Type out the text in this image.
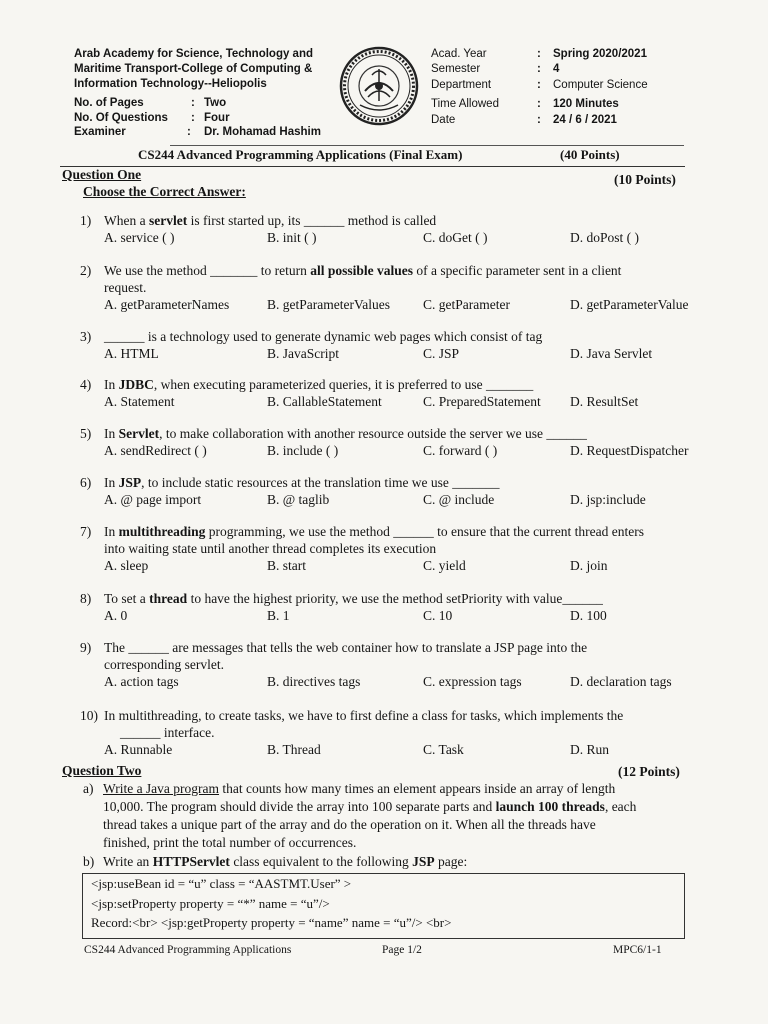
Arab Academy for Science, Technology and
Maritime Transport-College of Computing &
Information Technology--Heliopolis
No. of Pages	: Two
No. Of Questions : Four
Examiner	: Dr. Mohamad Hashim
Acad. Year	: Spring 2020/2021
Semester	: 4
Department	: Computer Science
Time Allowed	: 120 Minutes
Date	: 24 / 6 / 2021
CS244 Advanced Programming Applications (Final Exam)	(40 Points)
Question One	(10 Points)
Choose the Correct Answer:
1) When a servlet is first started up, its ______ method is called
A. service ( )	B. init ( )	C. doGet ( )	D. doPost ( )
2) We use the method _______ to return all possible values of a specific parameter sent in a client
request.
A. getParameterNames	B. getParameterValues C. getParameter	D. getParameterValue
3) ______ is a technology used to generate dynamic web pages which consist of tag
A. HTML	B. JavaScript	C. JSP	D. Java Servlet
4) In JDBC, when executing parameterized queries, it is preferred to use _______
A. Statement	B. CallableStatement	C. PreparedStatement D. ResultSet
5) In Servlet, to make collaboration with another resource outside the server we use ______
A. sendRedirect ( )	B. include ( )	C. forward ( )	D. RequestDispatcher
6) In JSP, to include static resources at the translation time we use _______
A. @ page import	B. @ taglib	C. @ include	D. jsp:include
7) In multithreading programming, we use the method ______ to ensure that the current thread enters
into waiting state until another thread completes its execution
A. sleep	B. start	C. yield	D. join
8) To set a thread to have the highest priority, we use the method setPriority with value______
A. 0	B. 1	C. 10	D. 100
9) The ______ are messages that tells the web container how to translate a JSP page into the
corresponding servlet.
A. action tags	B. directives tags	C. expression tags	D. declaration tags
10) In multithreading, to create tasks, we have to first define a class for tasks, which implements the
______ interface.
A. Runnable	B. Thread	C. Task	D. Run
Question Two	(12 Points)
a) Write a Java program that counts how many times an element appears inside an array of length
10,000. The program should divide the array into 100 separate parts and launch 100 threads, each
thread takes a unique part of the array and do the operation on it. When all the threads have
finished, print the total number of occurrences.
b) Write an HTTPServlet class equivalent to the following JSP page:
<jsp:useBean id = “u” class = “AASTMT.User” >
<jsp:setProperty property = “*” name = “u”/>
Record:<br> <jsp:getProperty property = “name” name = “u”/> <br>
CS244 Advanced Programming Applications	Page 1/2	MPC6/1-1
